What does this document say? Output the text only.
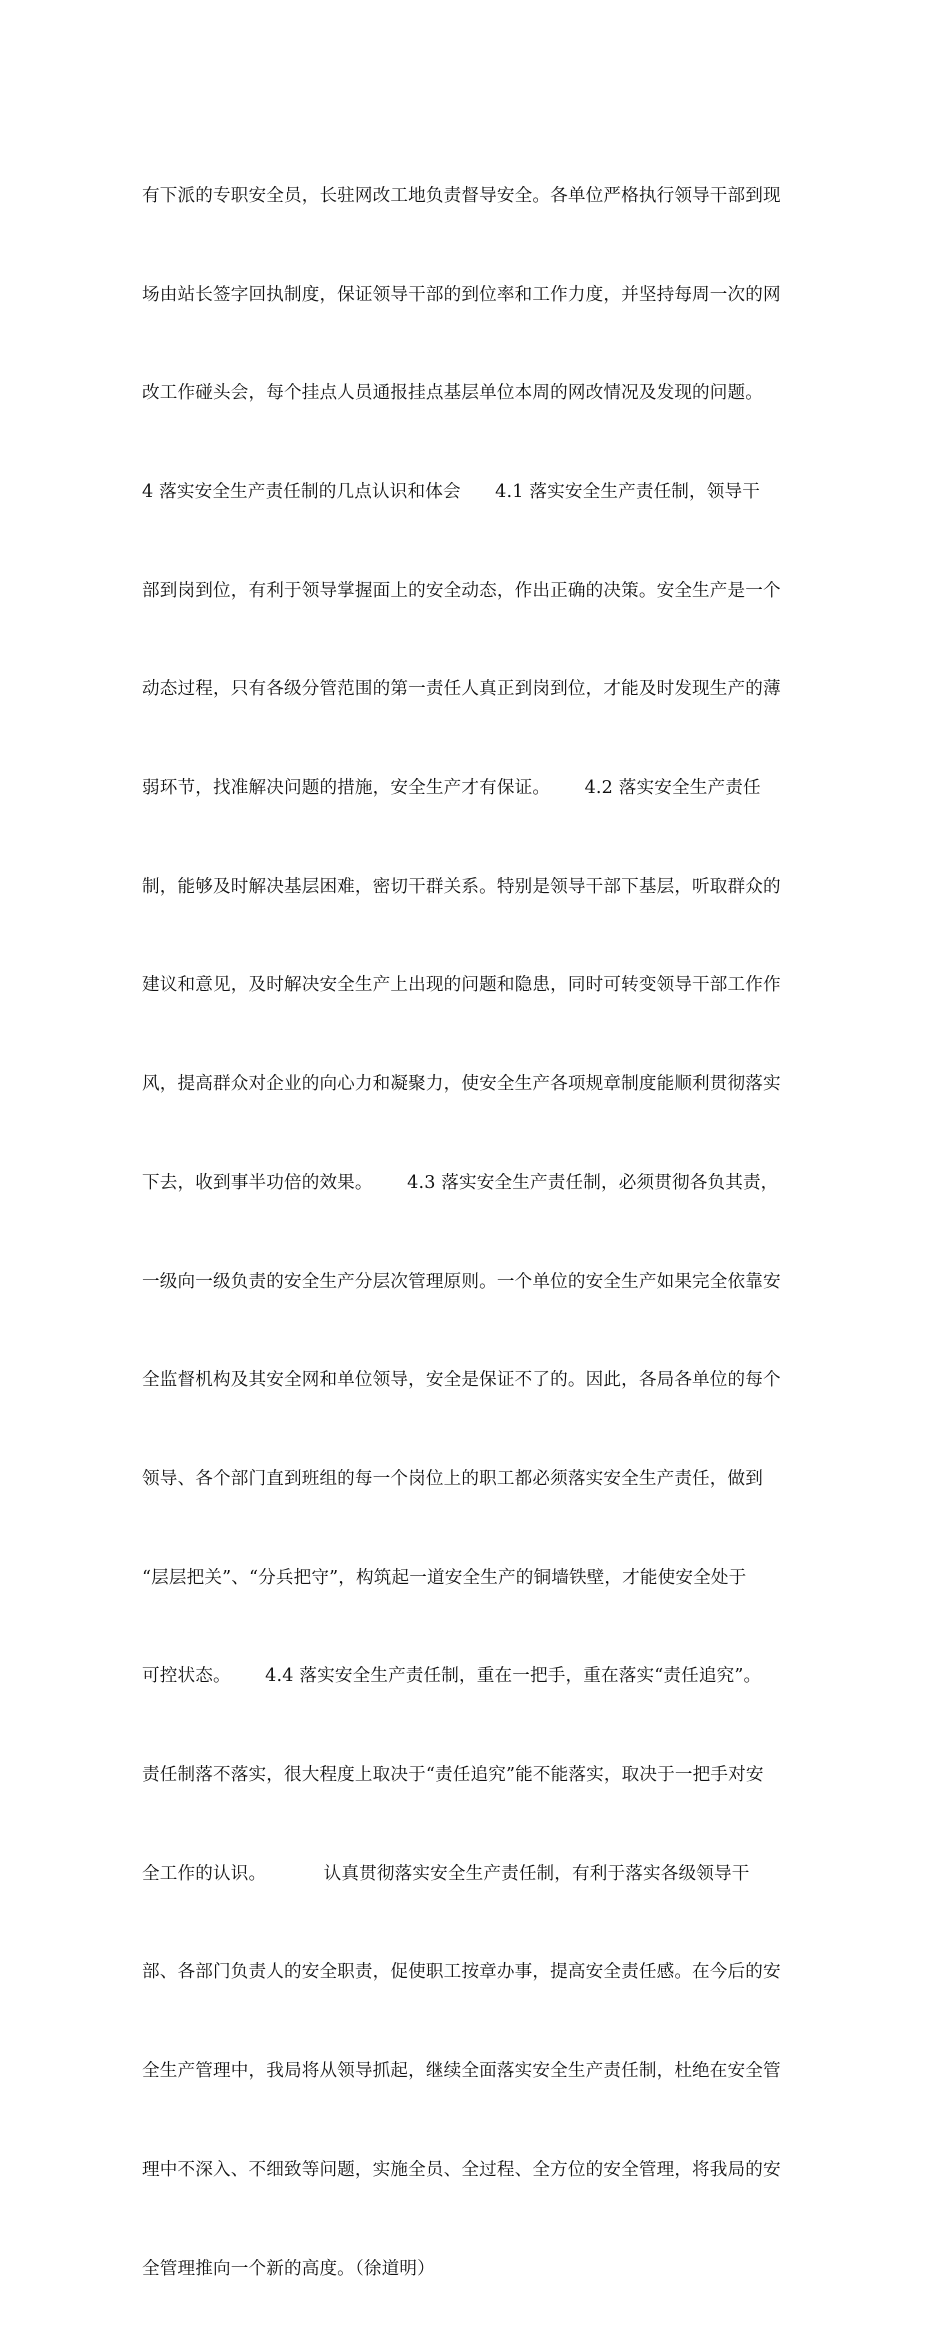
有下派的专职安全员，长驻网改工地负责督导安全。各单位严格执行领导干部到现

场由站长签字回执制度，保证领导干部的到位率和工作力度，并坚持每周一次的网

改工作碰头会，每个挂点人员通报挂点基层单位本周的网改情况及发现的问题。

4 落实安全生产责任制的几点认识和体会      4.1 落实安全生产责任制，领导干

部到岗到位，有利于领导掌握面上的安全动态，作出正确的决策。安全生产是一个

动态过程，只有各级分管范围的第一责任人真正到岗到位，才能及时发现生产的薄

弱环节，找准解决问题的措施，安全生产才有保证。      4.2 落实安全生产责任

制，能够及时解决基层困难，密切干群关系。特别是领导干部下基层，听取群众的

建议和意见，及时解决安全生产上出现的问题和隐患，同时可转变领导干部工作作

风，提高群众对企业的向心力和凝聚力，使安全生产各项规章制度能顺利贯彻落实

下去，收到事半功倍的效果。      4.3 落实安全生产责任制，必须贯彻各负其责，

一级向一级负责的安全生产分层次管理原则。一个单位的安全生产如果完全依靠安

全监督机构及其安全网和单位领导，安全是保证不了的。因此，各局各单位的每个

领导、各个部门直到班组的每一个岗位上的职工都必须落实安全生产责任，做到

“层层把关”、“分兵把守”，构筑起一道安全生产的铜墙铁壁，才能使安全处于

可控状态。      4.4 落实安全生产责任制，重在一把手，重在落实“责任追究”。

责任制落不落实，很大程度上取决于“责任追究”能不能落实，取决于一把手对安

全工作的认识。          认真贯彻落实安全生产责任制，有利于落实各级领导干

部、各部门负责人的安全职责，促使职工按章办事，提高安全责任感。在今后的安

全生产管理中，我局将从领导抓起，继续全面落实安全生产责任制，杜绝在安全管

理中不深入、不细致等问题，实施全员、全过程、全方位的安全管理，将我局的安

全管理推向一个新的高度。（徐道明）
